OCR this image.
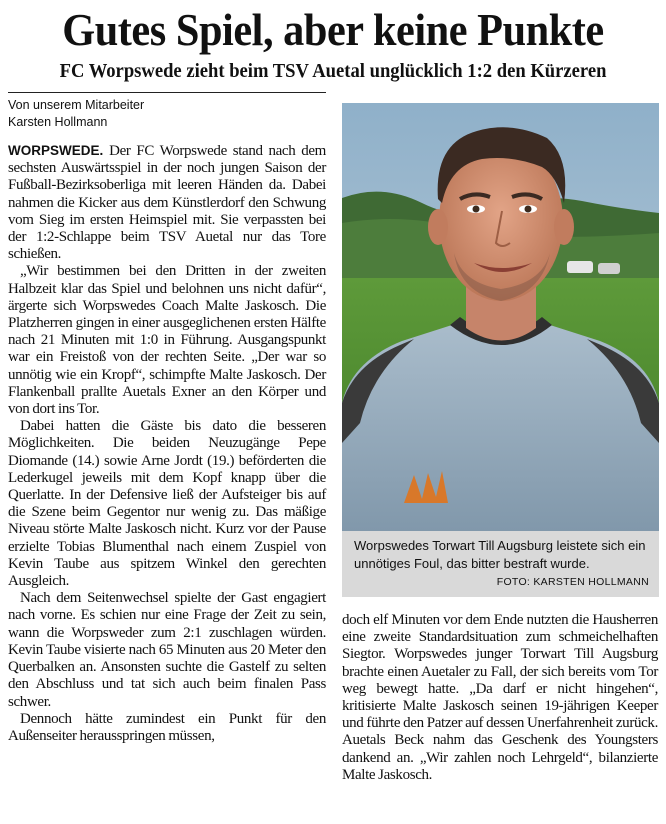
Gutes Spiel, aber keine Punkte
FC Worpswede zieht beim TSV Auetal unglücklich 1:2 den Kürzeren
Von unserem Mitarbeiter
Karsten Hollmann

WORPSWEDE. Der FC Worpswede stand nach dem sechsten Auswärtsspiel in der noch jungen Saison der Fußball-Bezirksoberliga mit leeren Händen da. Dabei nahmen die Kicker aus dem Künstlerdorf den Schwung vom Sieg im ersten Heimspiel mit. Sie verpassten bei der 1:2-Schlappe beim TSV Auetal nur das Tore schießen.

„Wir bestimmen bei den Dritten in der zweiten Halbzeit klar das Spiel und belohnen uns nicht dafür“, ärgerte sich Worpswedes Coach Malte Jaskosch. Die Platzherren gingen in einer ausgeglichenen ersten Hälfte nach 21 Minuten mit 1:0 in Führung. Ausgangspunkt war ein Freistoß von der rechten Seite. „Der war so unnötig wie ein Kropf“, schimpfte Malte Jaskosch. Der Flankenball prallte Auetals Exner an den Körper und von dort ins Tor.

Dabei hatten die Gäste bis dato die besseren Möglichkeiten. Die beiden Neuzugänge Pepe Diomande (14.) sowie Arne Jordt (19.) beförderten die Lederkugel jeweils mit dem Kopf knapp über die Querlatte. In der Defensive ließ der Aufsteiger bis auf die Szene beim Gegentor nur wenig zu. Das mäßige Niveau störte Malte Jaskosch nicht. Kurz vor der Pause erzielte Tobias Blumenthal nach einem Zuspiel von Kevin Taube aus spitzem Winkel den gerechten Ausgleich.

Nach dem Seitenwechsel spielte der Gast engagiert nach vorne. Es schien nur eine Frage der Zeit zu sein, wann die Worpsweder zum 2:1 zuschlagen würden. Kevin Taube visierte nach 65 Minuten aus 20 Meter den Querbalken an. Ansonsten suchte die Gastelf zu selten den Abschluss und tat sich auch beim finalen Pass schwer.

Dennoch hätte zumindest ein Punkt für den Außenseiter herausspringen müssen,

Worpswedes Torwart Till Augsburg leistete sich ein unnötiges Foul, das bitter bestraft wurde.
FOTO: KARSTEN HOLLMANN

doch elf Minuten vor dem Ende nutzten die Hausherren eine zweite Standardsituation zum schmeichelhaften Siegtor. Worpswedes junger Torwart Till Augsburg brachte einen Auetaler zu Fall, der sich bereits vom Tor weg bewegt hatte. „Da darf er nicht hingehen“, kritisierte Malte Jaskosch seinen 19-jährigen Keeper und führte den Patzer auf dessen Unerfahrenheit zurück. Auetals Beck nahm das Geschenk des Youngsters dankend an. „Wir zahlen noch Lehrgeld“, bilanzierte Malte Jaskosch.
